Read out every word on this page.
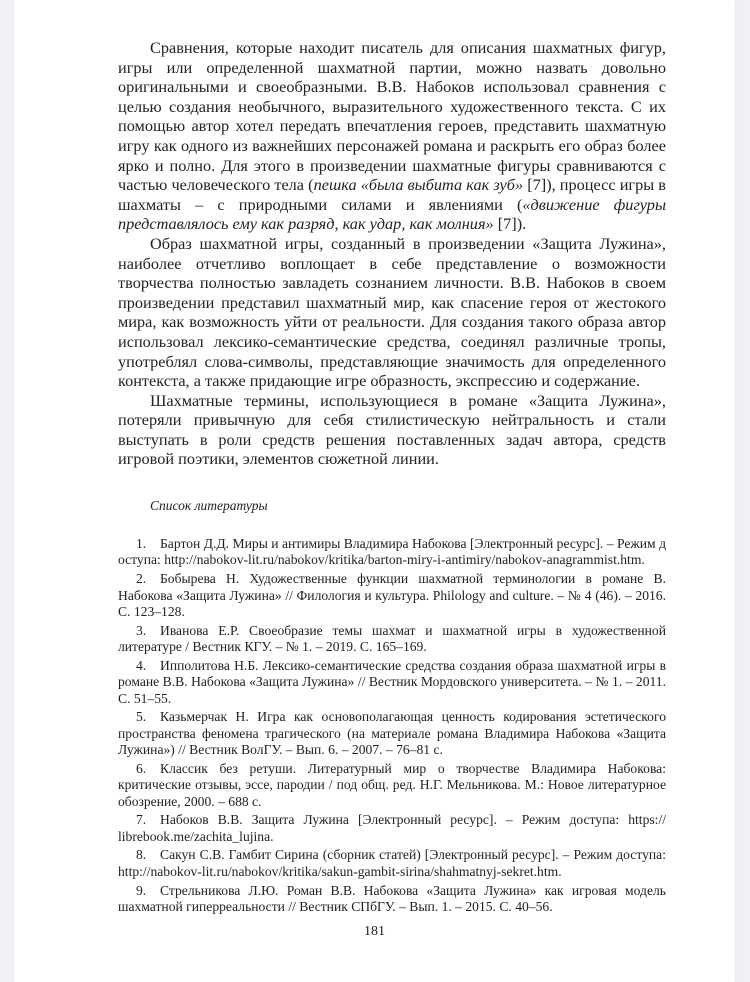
Сравнения, которые находит писатель для описания шахматных фигур, игры или определенной шахматной партии, можно назвать довольно оригинальными и своеобразными. В.В. Набоков использовал сравнения с целью создания необычного, выразительного художественного текста. С их помощью автор хотел передать впечатления героев, представить шахматную игру как одного из важнейших персонажей романа и раскрыть его образ более ярко и полно. Для этого в произведении шахматные фигуры сравниваются с частью человеческого тела (пешка «была выбита как зуб» [7]), процесс игры в шахматы – с природными силами и явлениями («движение фигуры представлялось ему как разряд, как удар, как молния» [7]).

Образ шахматной игры, созданный в произведении «Защита Лужина», наиболее отчетливо воплощает в себе представление о возможности творчества полностью завладеть сознанием личности. В.В. Набоков в своем произведении представил шахматный мир, как спасение героя от жестокого мира, как возможность уйти от реальности. Для создания такого образа автор использовал лексико-семантические средства, соединял различные тропы, употреблял слова-символы, представляющие значимость для определенного контекста, а также придающие игре образность, экспрессию и содержание.

Шахматные термины, использующиеся в романе «Защита Лужина», потеряли привычную для себя стилистическую нейтральность и стали выступать в роли средств решения поставленных задач автора, средств игровой поэтики, элементов сюжетной линии.

Список литературы
1. Бартон Д.Д. Миры и антимиры Владимира Набокова [Электронный ресурс]. – Режим доступа: http://nabokov-lit.ru/nabokov/kritika/barton-miry-i-antimiry/nabokov-anagrammist.htm.
2. Бобырева Н. Художественные функции шахматной терминологии в романе В. Набокова «Защита Лужина» // Филология и культура. Philology and culture. – № 4 (46). – 2016. С. 123–128.
3. Иванова Е.Р. Своеобразие темы шахмат и шахматной игры в художественной литературе / Вестник КГУ. – № 1. – 2019. С. 165–169.
4. Ипполитова Н.Б. Лексико-семантические средства создания образа шахматной игры в романе В.В. Набокова «Защита Лужина» // Вестник Мордовского университета. – № 1. – 2011. С. 51–55.
5. Казьмерчак Н. Игра как основополагающая ценность кодирования эстетического пространства феномена трагического (на материале романа Владимира Набокова «Защита Лужина») // Вестник ВолГУ. – Вып. 6. – 2007. – 76–81 с.
6. Классик без ретуши. Литературный мир о творчестве Владимира Набокова: критические отзывы, эссе, пародии / под общ. ред. Н.Г. Мельникова. М.: Новое литературное обозрение, 2000. – 688 с.
7. Набоков В.В. Защита Лужина [Электронный ресурс]. – Режим доступа: https:// librebook.me/zachita_lujina.
8. Сакун С.В. Гамбит Сирина (сборник статей) [Электронный ресурс]. – Режим доступа: http://nabokov-lit.ru/nabokov/kritika/sakun-gambit-sirina/shahmatnyj-sekret.htm.
9. Стрельникова Л.Ю. Роман В.В. Набокова «Защита Лужина» как игровая модель шахматной гиперреальности // Вестник СПбГУ. – Вып. 1. – 2015. С. 40–56.
181
